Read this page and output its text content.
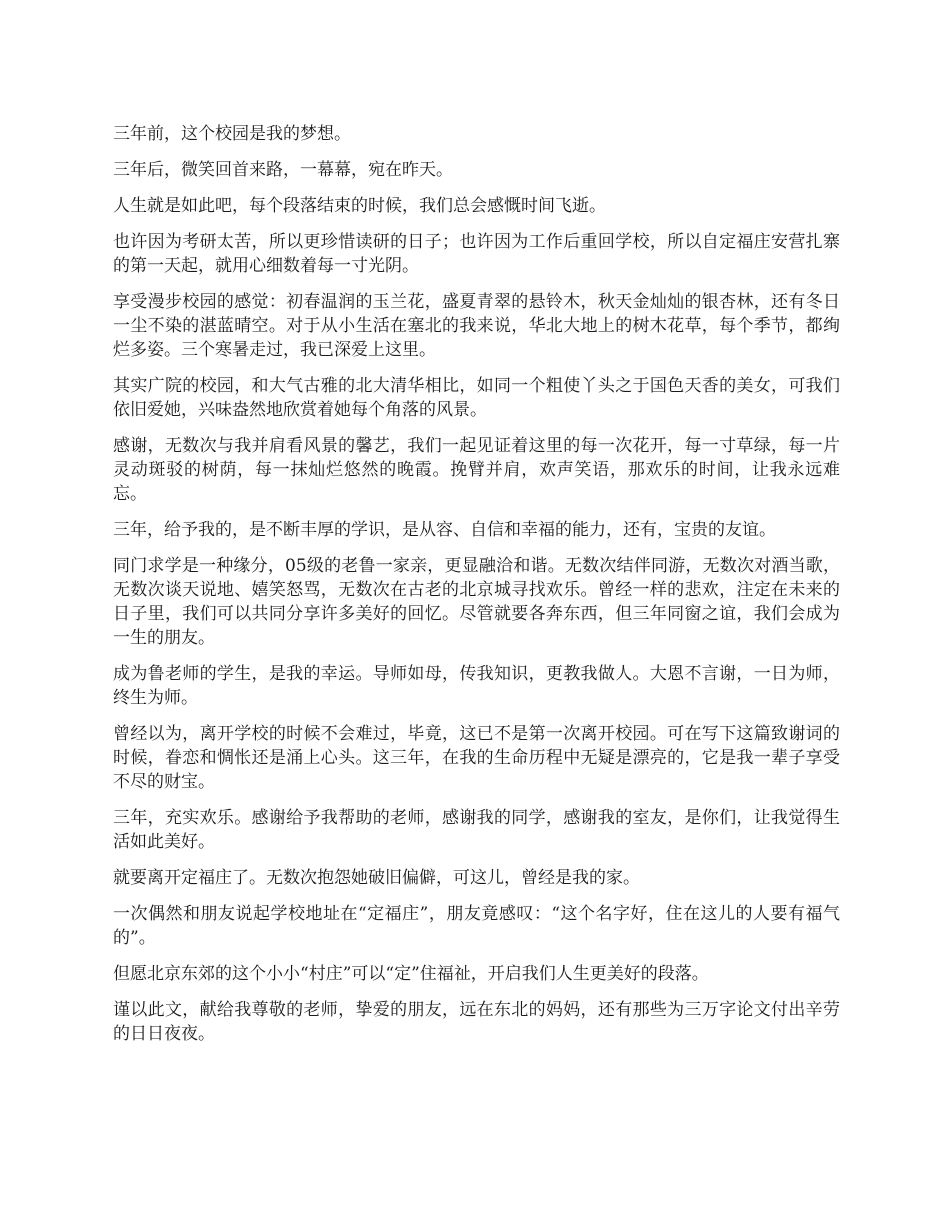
三年前，这个校园是我的梦想。

三年后，微笑回首来路，一幕幕，宛在昨天。

人生就是如此吧，每个段落结束的时候，我们总会感慨时间飞逝。

也许因为考研太苦，所以更珍惜读研的日子；也许因为工作后重回学校，所以自定福庄安营扎寨的第一天起，就用心细数着每一寸光阴。

享受漫步校园的感觉：初春温润的玉兰花，盛夏青翠的悬铃木，秋天金灿灿的银杏林，还有冬日一尘不染的湛蓝晴空。对于从小生活在塞北的我来说，华北大地上的树木花草，每个季节，都绚烂多姿。三个寒暑走过，我已深爱上这里。

其实广院的校园，和大气古雅的北大清华相比，如同一个粗使丫头之于国色天香的美女，可我们依旧爱她，兴味盎然地欣赏着她每个角落的风景。

感谢，无数次与我并肩看风景的馨艺，我们一起见证着这里的每一次花开，每一寸草绿，每一片灵动斑驳的树荫，每一抹灿烂悠然的晚霞。挽臂并肩，欢声笑语，那欢乐的时间，让我永远难忘。

三年，给予我的，是不断丰厚的学识，是从容、自信和幸福的能力，还有，宝贵的友谊。

同门求学是一种缘分，05级的老鲁一家亲，更显融洽和谐。无数次结伴同游，无数次对酒当歌，无数次谈天说地、嬉笑怒骂，无数次在古老的北京城寻找欢乐。曾经一样的悲欢，注定在未来的日子里，我们可以共同分享许多美好的回忆。尽管就要各奔东西，但三年同窗之谊，我们会成为一生的朋友。

成为鲁老师的学生，是我的幸运。导师如母，传我知识，更教我做人。大恩不言谢，一日为师，终生为师。

曾经以为，离开学校的时候不会难过，毕竟，这已不是第一次离开校园。可在写下这篇致谢词的时候，眷恋和惆怅还是涌上心头。这三年，在我的生命历程中无疑是漂亮的，它是我一辈子享受不尽的财宝。

三年，充实欢乐。感谢给予我帮助的老师，感谢我的同学，感谢我的室友，是你们，让我觉得生活如此美好。

就要离开定福庄了。无数次抱怨她破旧偏僻，可这儿，曾经是我的家。

一次偶然和朋友说起学校地址在“定福庄”，朋友竟感叹：“这个名字好，住在这儿的人要有福气的”。

但愿北京东郊的这个小小“村庄”可以“定”住福祉，开启我们人生更美好的段落。

谨以此文，献给我尊敬的老师，挚爱的朋友，远在东北的妈妈，还有那些为三万字论文付出辛劳的日日夜夜。
